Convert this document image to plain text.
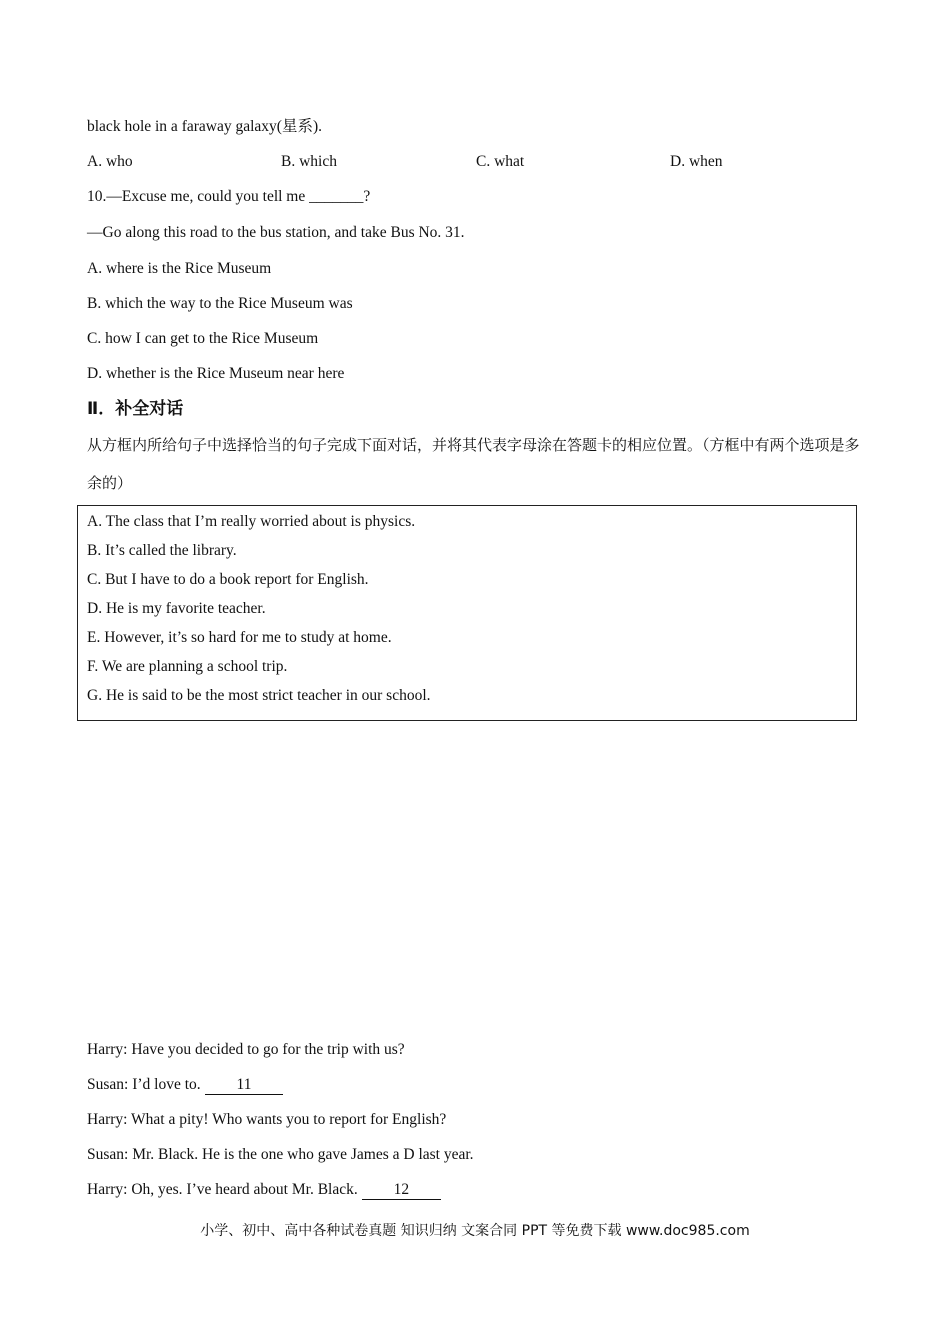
black hole in a faraway galaxy(星系).
A. who	B. which	C. what	D. when
10.—Excuse me, could you tell me _______?
—Go along this road to the bus station, and take Bus No. 31.
A. where is the Rice Museum
B. which the way to the Rice Museum was
C. how I can get to the Rice Museum
D. whether is the Rice Museum near here
Ⅱ．补全对话
从方框内所给句子中选择恰当的句子完成下面对话，并将其代表字母涂在答题卡的相应位置。（方框中有两个选项是多余的）
A. The class that I’m really worried about is physics.
B. It’s called the library.
C. But I have to do a book report for English.
D. He is my favorite teacher.
E. However, it’s so hard for me to study at home.
F. We are planning a school trip.
G. He is said to be the most strict teacher in our school.
Harry: Have you decided to go for the trip with us?
Susan: I’d love to. 11
Harry: What a pity! Who wants you to report for English?
Susan: Mr. Black. He is the one who gave James a D last year.
Harry: Oh, yes. I’ve heard about Mr. Black. 12
小学、初中、高中各种试卷真题 知识归纳 文案合同 PPT 等免费下载 www.doc985.com
